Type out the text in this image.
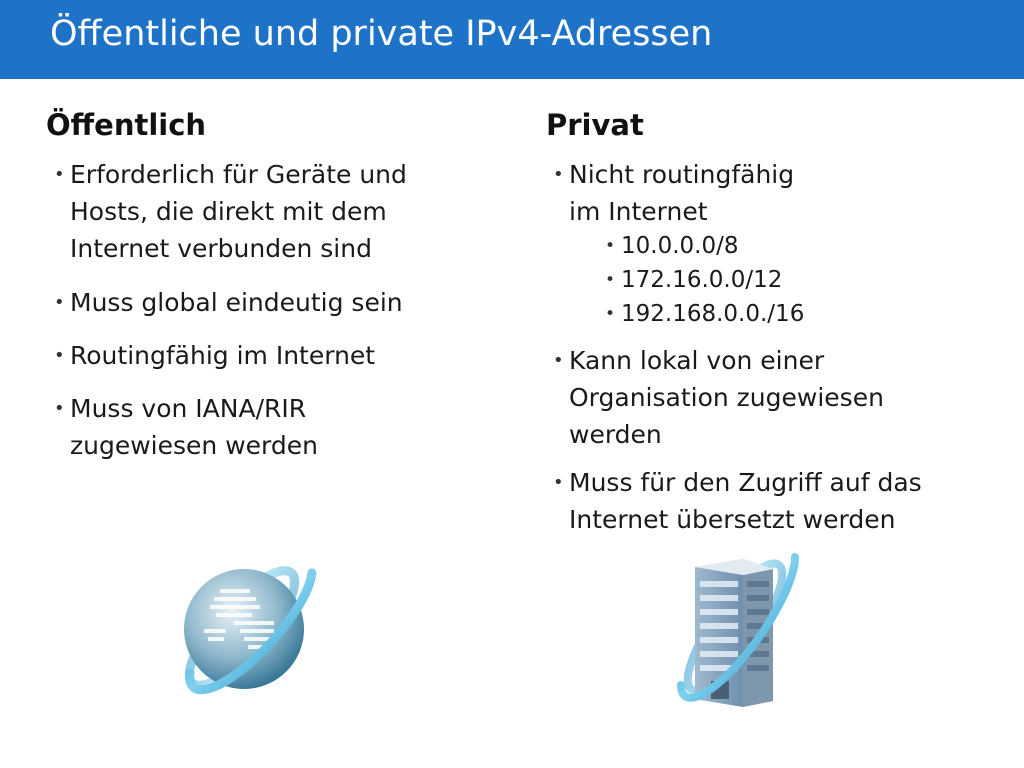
Öffentliche und private IPv4-Adressen
Öffentlich
• Erforderlich für Geräte und
Hosts, die direkt mit dem
Internet verbunden sind
• Muss global eindeutig sein
• Routingfähig im Internet
• Muss von IANA/RIR
zugewiesen werden
Privat
• Nicht routingfähig
im Internet
• 10.0.0.0/8
• 172.16.0.0/12
• 192.168.0.0./16
• Kann lokal von einer
Organisation zugewiesen
werden
• Muss für den Zugriff auf das
Internet übersetzt werden
